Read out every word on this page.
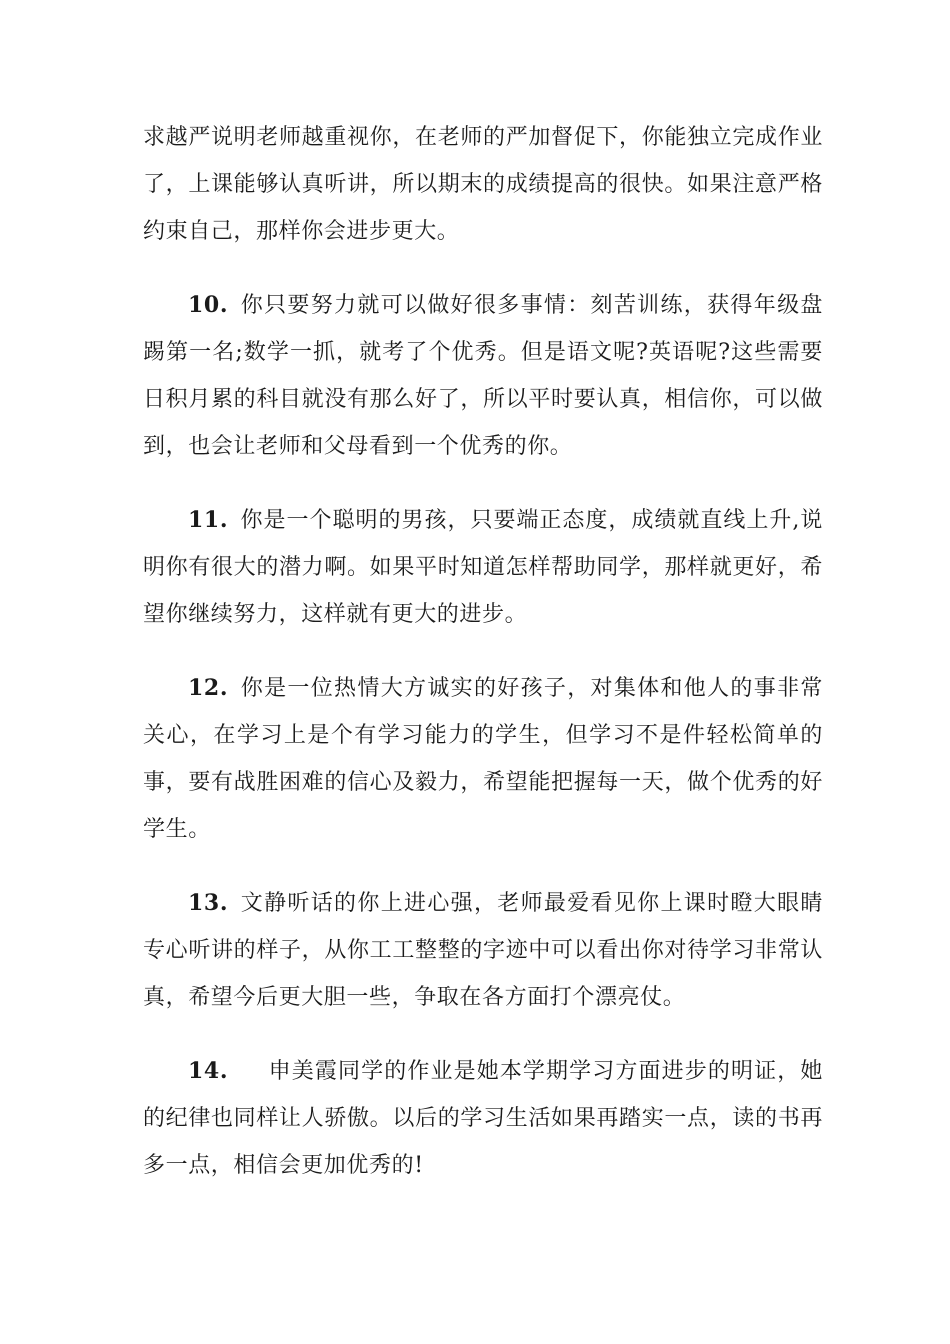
求越严说明老师越重视你，在老师的严加督促下，你能独立完成作业了，上课能够认真听讲，所以期末的成绩提高的很快。如果注意严格约束自己，那样你会进步更大。

10. 你只要努力就可以做好很多事情：刻苦训练，获得年级盘踢第一名;数学一抓，就考了个优秀。但是语文呢?英语呢?这些需要日积月累的科目就没有那么好了，所以平时要认真，相信你，可以做到，也会让老师和父母看到一个优秀的你。

11. 你是一个聪明的男孩，只要端正态度，成绩就直线上升,说明你有很大的潜力啊。如果平时知道怎样帮助同学，那样就更好，希望你继续努力，这样就有更大的进步。

12. 你是一位热情大方诚实的好孩子，对集体和他人的事非常关心，在学习上是个有学习能力的学生，但学习不是件轻松简单的事，要有战胜困难的信心及毅力，希望能把握每一天，做个优秀的好学生。

13. 文静听话的你上进心强，老师最爱看见你上课时瞪大眼睛专心听讲的样子，从你工工整整的字迹中可以看出你对待学习非常认真，希望今后更大胆一些，争取在各方面打个漂亮仗。

14. 申美霞同学的作业是她本学期学习方面进步的明证，她的纪律也同样让人骄傲。以后的学习生活如果再踏实一点，读的书再多一点，相信会更加优秀的!
